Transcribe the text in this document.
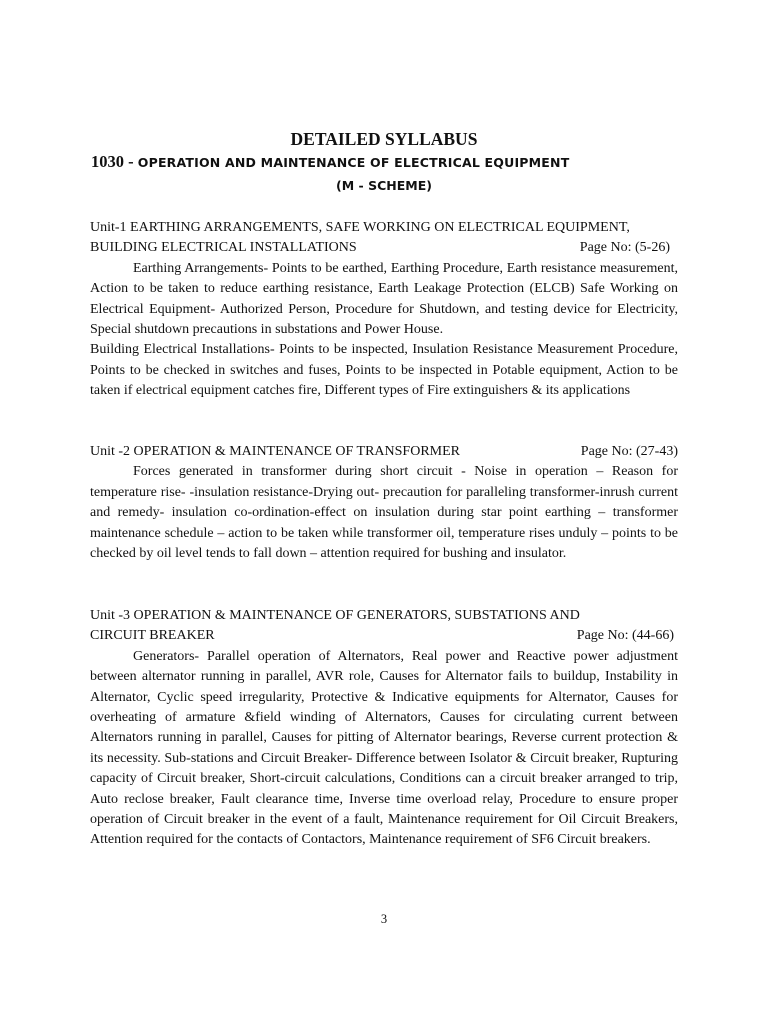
DETAILED SYLLABUS
1030 - OPERATION AND MAINTENANCE OF ELECTRICAL EQUIPMENT
(M - SCHEME)
Unit-1 EARTHING ARRANGEMENTS, SAFE WORKING ON ELECTRICAL EQUIPMENT,
BUILDING ELECTRICAL INSTALLATIONS	Page No: (5-26)

Earthing Arrangements- Points to be earthed, Earthing Procedure, Earth resistance measurement, Action to be taken to reduce earthing resistance, Earth Leakage Protection (ELCB) Safe Working on Electrical Equipment- Authorized Person, Procedure for Shutdown, and testing device for Electricity, Special shutdown precautions in substations and Power House.

Building Electrical Installations- Points to be inspected, Insulation Resistance Measurement Procedure, Points to be checked in switches and fuses, Points to be inspected in Potable equipment, Action to be taken if electrical equipment catches fire, Different types of Fire extinguishers & its applications

Unit -2 OPERATION & MAINTENANCE OF TRANSFORMER	Page No: (27-43)

Forces generated in transformer during short circuit - Noise in operation – Reason for temperature rise- -insulation resistance-Drying out- precaution for paralleling transformer-inrush current and remedy- insulation co-ordination-effect on insulation during star point earthing – transformer maintenance schedule – action to be taken while transformer oil, temperature rises unduly – points to be checked by oil level tends to fall down – attention required for bushing and insulator.

Unit -3 OPERATION & MAINTENANCE OF GENERATORS, SUBSTATIONS AND
CIRCUIT BREAKER	Page No: (44-66)

Generators- Parallel operation of Alternators, Real power and Reactive power adjustment between alternator running in parallel, AVR role, Causes for Alternator fails to buildup, Instability in Alternator, Cyclic speed irregularity, Protective & Indicative equipments for Alternator, Causes for overheating of armature &field winding of Alternators, Causes for circulating current between Alternators running in parallel, Causes for pitting of Alternator bearings, Reverse current protection & its necessity. Sub-stations and Circuit Breaker- Difference between Isolator & Circuit breaker, Rupturing capacity of Circuit breaker, Short-circuit calculations, Conditions can a circuit breaker arranged to trip, Auto reclose breaker, Fault clearance time, Inverse time overload relay, Procedure to ensure proper operation of Circuit breaker in the event of a fault, Maintenance requirement for Oil Circuit Breakers, Attention required for the contacts of Contactors, Maintenance requirement of SF6 Circuit breakers.

3
